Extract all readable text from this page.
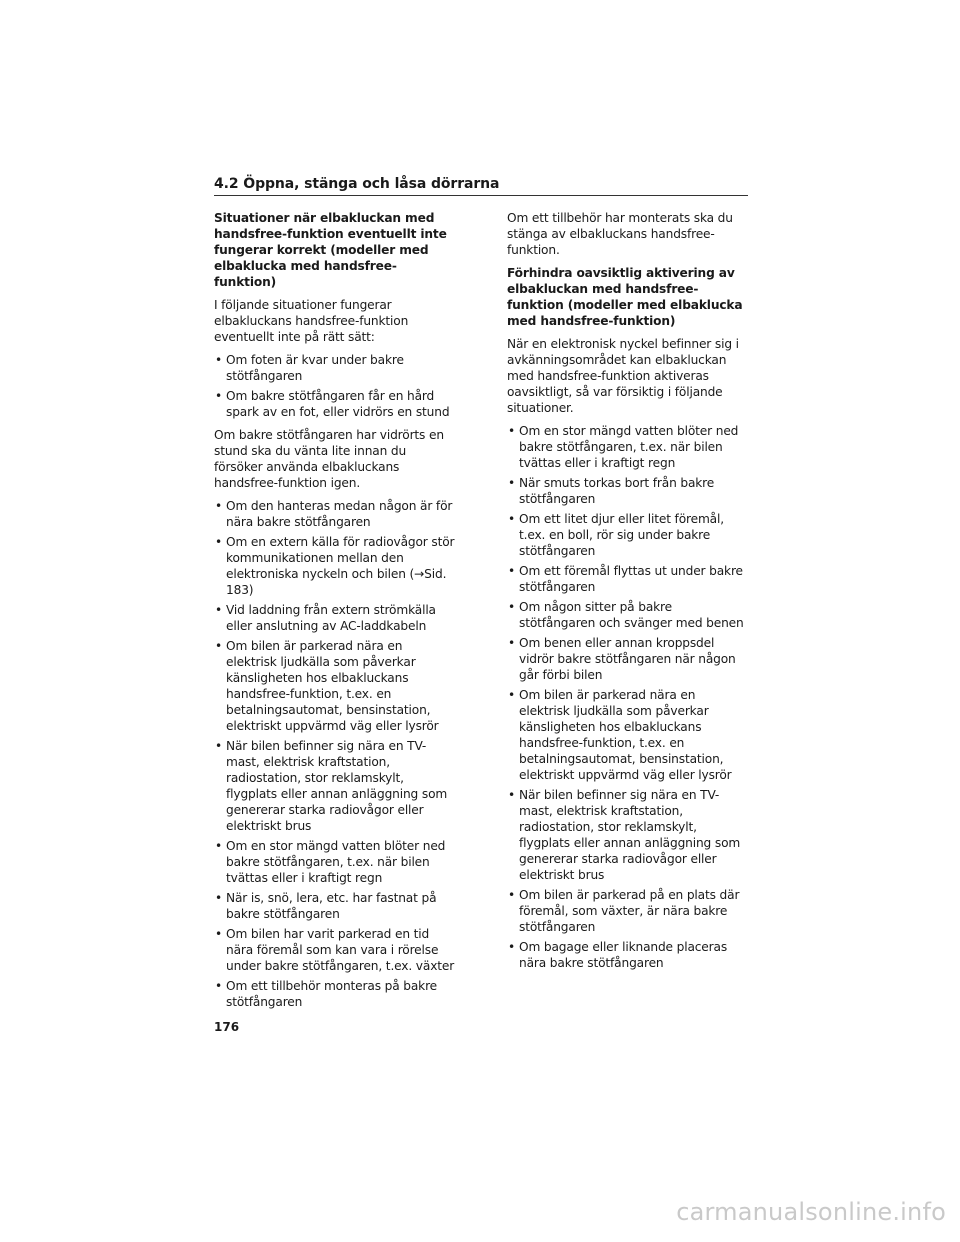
4.2 Öppna, stänga och låsa dörrarna

Situationer när elbakluckan med handsfree-funktion eventuellt inte fungerar korrekt (modeller med elbaklucka med handsfree-funktion)

I följande situationer fungerar elbakluckans handsfree-funktion eventuellt inte på rätt sätt:

• Om foten är kvar under bakre stötfångaren
• Om bakre stötfångaren får en hård spark av en fot, eller vidrörs en stund

Om bakre stötfångaren har vidrörts en stund ska du vänta lite innan du försöker använda elbakluckans handsfree-funktion igen.

• Om den hanteras medan någon är för nära bakre stötfångaren
• Om en extern källa för radiovågor stör kommunikationen mellan den elektroniska nyckeln och bilen (→Sid. 183)
• Vid laddning från extern strömkälla eller anslutning av AC-laddkabeln
• Om bilen är parkerad nära en elektrisk ljudkälla som påverkar känsligheten hos elbakluckans handsfree-funktion, t.ex. en betalningsautomat, bensinstation, elektriskt uppvärmd väg eller lysrör
• När bilen befinner sig nära en TV-mast, elektrisk kraftstation, radiostation, stor reklamskylt, flygplats eller annan anläggning som genererar starka radiovågor eller elektriskt brus
• Om en stor mängd vatten blöter ned bakre stötfångaren, t.ex. när bilen tvättas eller i kraftigt regn
• När is, snö, lera, etc. har fastnat på bakre stötfångaren
• Om bilen har varit parkerad en tid nära föremål som kan vara i rörelse under bakre stötfångaren, t.ex. växter
• Om ett tillbehör monteras på bakre stötfångaren

Om ett tillbehör har monterats ska du stänga av elbakluckans handsfree-funktion.

Förhindra oavsiktlig aktivering av elbakluckan med handsfree-funktion (modeller med elbaklucka med handsfree-funktion)

När en elektronisk nyckel befinner sig i avkänningsområdet kan elbakluckan med handsfree-funktion aktiveras oavsiktligt, så var försiktig i följande situationer.

• Om en stor mängd vatten blöter ned bakre stötfångaren, t.ex. när bilen tvättas eller i kraftigt regn
• När smuts torkas bort från bakre stötfångaren
• Om ett litet djur eller litet föremål, t.ex. en boll, rör sig under bakre stötfångaren
• Om ett föremål flyttas ut under bakre stötfångaren
• Om någon sitter på bakre stötfångaren och svänger med benen
• Om benen eller annan kroppsdel vidrör bakre stötfångaren när någon går förbi bilen
• Om bilen är parkerad nära en elektrisk ljudkälla som påverkar känsligheten hos elbakluckans handsfree-funktion, t.ex. en betalningsautomat, bensinstation, elektriskt uppvärmd väg eller lysrör
• När bilen befinner sig nära en TV-mast, elektrisk kraftstation, radiostation, stor reklamskylt, flygplats eller annan anläggning som genererar starka radiovågor eller elektriskt brus
• Om bilen är parkerad på en plats där föremål, som växter, är nära bakre stötfångaren
• Om bagage eller liknande placeras nära bakre stötfångaren
176
carmanualsonline.info
